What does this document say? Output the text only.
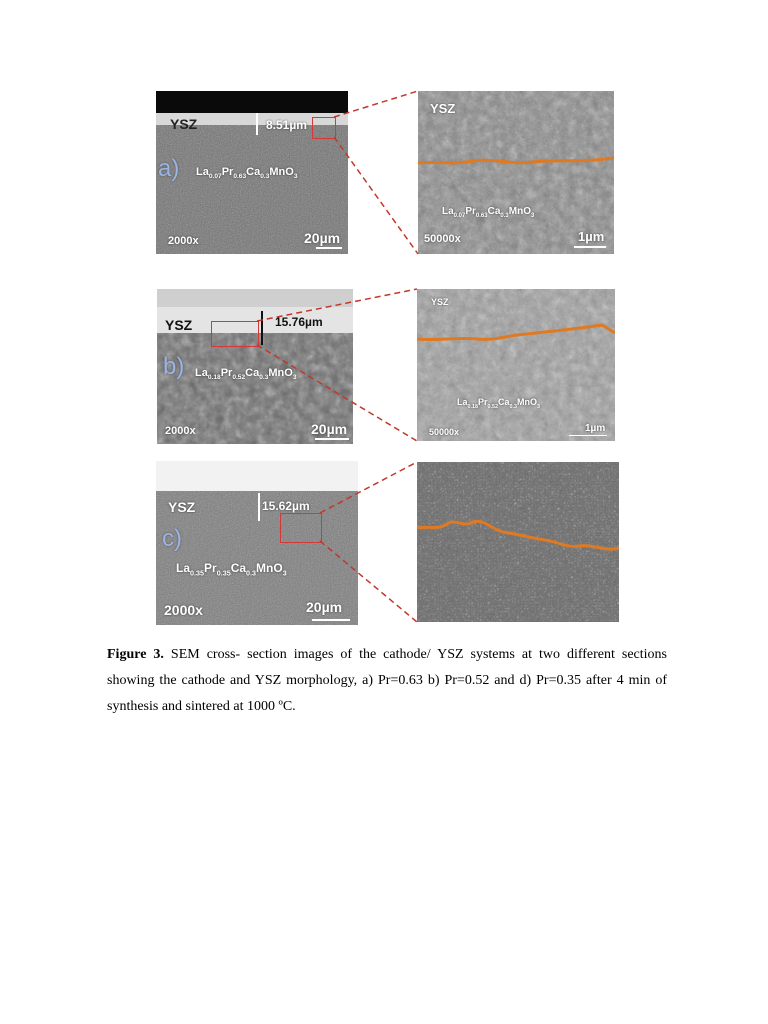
YSZ	8.51µm
a) $La_{0.07}Pr_{0.63}Ca_{0.3}MnO_3$
2000x	20µm
YSZ
$La_{0.07}Pr_{0.63}Ca_{0.3}MnO_3$
50000x	1µm
YSZ	15.76µm
b) $La_{0.18}Pr_{0.52}Ca_{0.3}MnO_3$
2000x	20µm
YSZ
$La_{0.18}Pr_{0.52}Ca_{0.3}MnO_3$
50000x	1µm
YSZ	15.62µm
c)
$La_{0.35}Pr_{0.35}Ca_{0.3}MnO_3$
2000x	20µm
Figure 3. SEM cross- section images of the cathode/ YSZ systems at two different sections showing the cathode and YSZ morphology, a) Pr=0.63 b) Pr=0.52 and d) Pr=0.35 after 4 min of synthesis and sintered at 1000 ºC.
